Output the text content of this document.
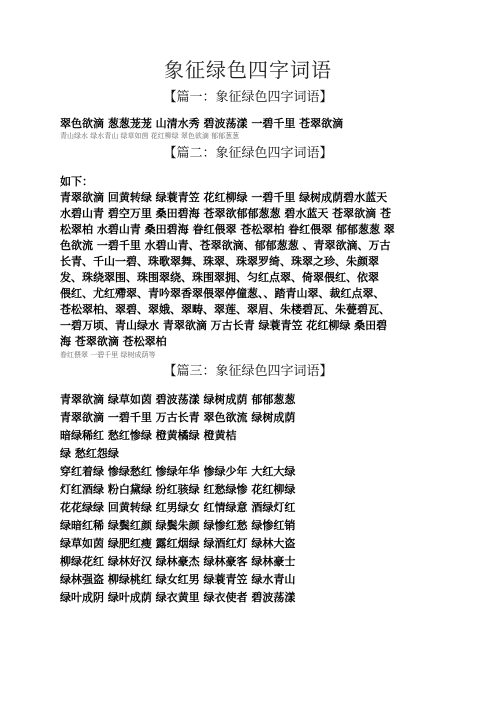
象征绿色四字词语
【篇一：象征绿色四字词语】
翠色欲滴 葱葱茏茏 山清水秀 碧波荡漾 一碧千里 苍翠欲滴
青山绿水 绿水青山 绿草如茵 花红柳绿 翠色欲滴 郁郁葱葱
【篇二：象征绿色四字词语】
如下：
青翠欲滴 回黄转绿 绿蓑青笠 花红柳绿 一碧千里 绿树成荫碧水蓝天
水碧山青 碧空万里 桑田碧海 苍翠欲郁郁葱葱 碧水蓝天 苍翠欲滴 苍
松翠柏 水碧山青 桑田碧海 眷红偎翠 苍松翠柏 眷红偎翠 郁郁葱葱 翠
色欲流 一碧千里 水碧山青、苍翠欲滴、郁郁葱葱 、青翠欲滴、万古
长青、千山一碧、珠歌翠舞、珠翠、珠翠罗绮、珠翠之珍、朱颜翠
发、珠绕翠围、珠围翠绕、珠围翠拥、匀红点翠、倚翠偎红、依翠
偎红、尤红殢翠、青吟翠香翠偎翠停僮葱、、踏青山翠、裁红点翠、
苍松翠柏、翠碧、翠娥、翠畴、翠莲、翠眉、朱楼碧瓦、朱甍碧瓦、
一碧万顷、青山绿水 青翠欲滴 万古长青 绿蓑青笠 花红柳绿 桑田碧
海 苍翠欲滴 苍松翠柏
眷红偎翠 一碧千里 绿树成荫等
【篇三：象征绿色四字词语】
青翠欲滴 绿草如茵 碧波荡漾 绿树成荫 郁郁葱葱
青翠欲滴 一碧千里 万古长青 翠色欲流 绿树成荫
暗绿稀红 愁红惨绿 橙黄橘绿 橙黄桔
绿 愁红怨绿
穿红着绿 惨绿愁红 惨绿年华 惨绿少年 大红大绿
灯红酒绿 粉白黛绿 纷红骇绿 红愁绿惨 花红柳绿
花花绿绿 回黄转绿 红男绿女 红情绿意 酒绿灯红
绿暗红稀 绿鬓红颜 绿鬓朱颜 绿惨红愁 绿惨红销
绿草如茵 绿肥红瘦 露红烟绿 绿酒红灯 绿林大盗
柳绿花红 绿林好汉 绿林豪杰 绿林豪客 绿林豪士
绿林强盗 柳绿桃红 绿女红男 绿蓑青笠 绿水青山
绿叶成阴 绿叶成荫 绿衣黄里 绿衣使者 碧波荡漾
